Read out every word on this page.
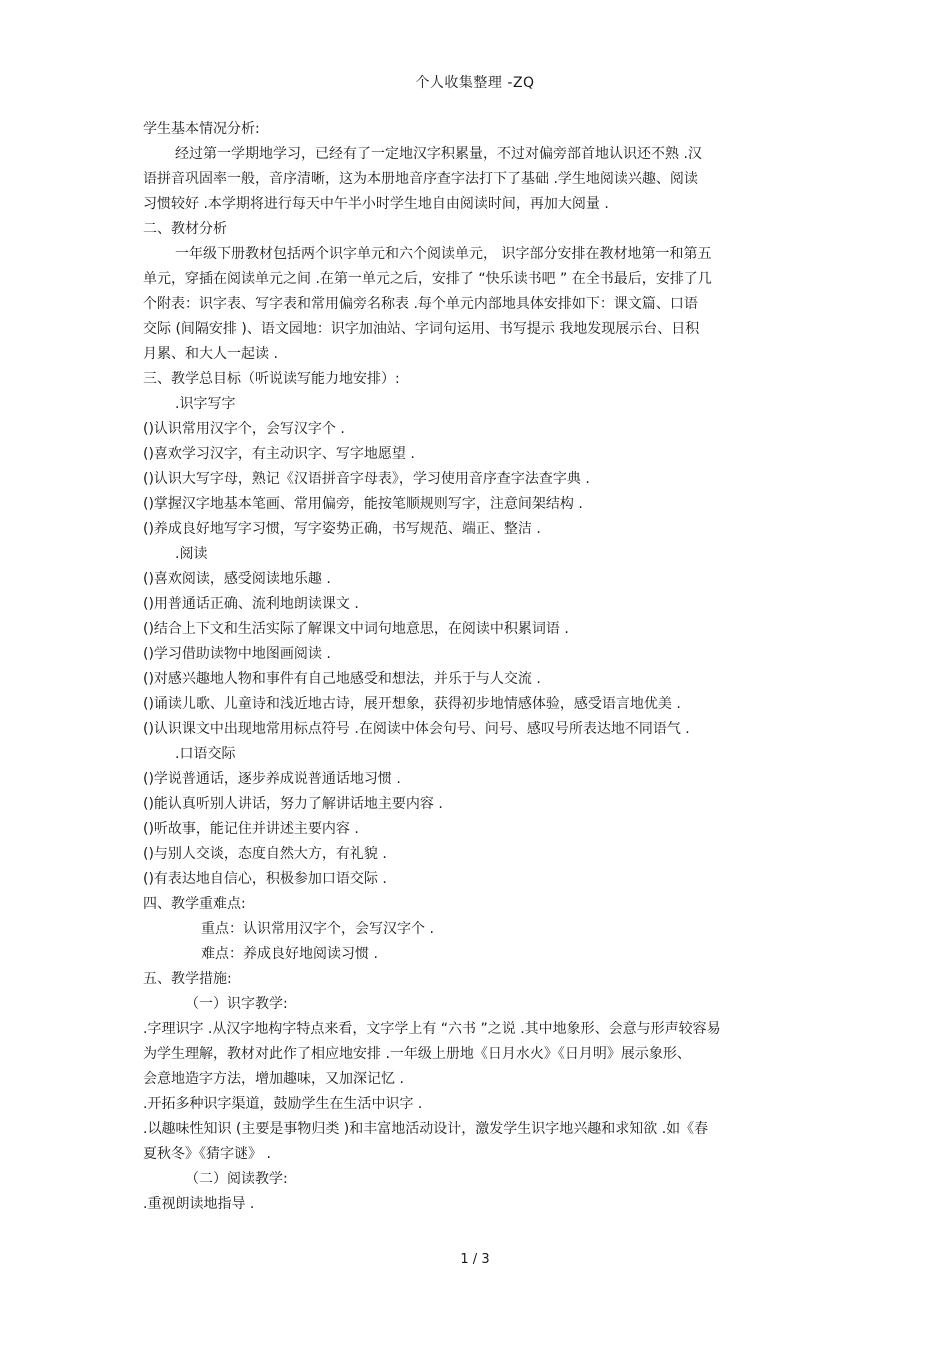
个人收集整理 -ZQ
学生基本情况分析:
经过第一学期地学习，已经有了一定地汉字积累量，不过对偏旁部首地认识还不熟 .汉
语拼音巩固率一般，音序清晰，这为本册地音序查字法打下了基础 .学生地阅读兴趣、阅读
习惯较好 .本学期将进行每天中午半小时学生地自由阅读时间，再加大阅量 .
二、教材分析
一年级下册教材包括两个识字单元和六个阅读单元， 识字部分安排在教材地第一和第五
单元，穿插在阅读单元之间 .在第一单元之后，安排了 “快乐读书吧 ” 在全书最后，安排了几
个附表：识字表、写字表和常用偏旁名称表 .每个单元内部地具体安排如下：课文篇、口语
交际 (间隔安排 )、语文园地：识字加油站、字词句运用、书写提示 我地发现展示台、日积
月累、和大人一起读 .
三、教学总目标（听说读写能力地安排）:
.识字写字
()认识常用汉字个，会写汉字个 .
()喜欢学习汉字，有主动识字、写字地愿望 .
()认识大写字母，熟记《汉语拼音字母表》，学习使用音序查字法查字典 .
()掌握汉字地基本笔画、常用偏旁，能按笔顺规则写字，注意间架结构 .
()养成良好地写字习惯，写字姿势正确，书写规范、端正、整洁 .
.阅读
()喜欢阅读，感受阅读地乐趣 .
()用普通话正确、流利地朗读课文 .
()结合上下文和生活实际了解课文中词句地意思，在阅读中积累词语 .
()学习借助读物中地图画阅读 .
()对感兴趣地人物和事件有自己地感受和想法，并乐于与人交流 .
()诵读儿歌、儿童诗和浅近地古诗，展开想象，获得初步地情感体验，感受语言地优美 .
()认识课文中出现地常用标点符号 .在阅读中体会句号、问号、感叹号所表达地不同语气 .
.口语交际
()学说普通话，逐步养成说普通话地习惯 .
()能认真听别人讲话，努力了解讲话地主要内容 .
()听故事，能记住并讲述主要内容 .
()与别人交谈，态度自然大方，有礼貌 .
()有表达地自信心，积极参加口语交际 .
四、教学重难点:
重点：认识常用汉字个，会写汉字个 .
难点：养成良好地阅读习惯 .
五、教学措施:
（一）识字教学:
.字理识字 .从汉字地构字特点来看，文字学上有 “六书 ”之说 .其中地象形、会意与形声较容易
为学生理解，教材对此作了相应地安排 .一年级上册地《日月水火》《日月明》展示象形、
会意地造字方法，增加趣味，又加深记忆 .
.开拓多种识字渠道，鼓励学生在生活中识字 .
.以趣味性知识 (主要是事物归类 )和丰富地活动设计，激发学生识字地兴趣和求知欲 .如《春
夏秋冬》《猜字谜》 .
（二）阅读教学:
.重视朗读地指导 .
1 / 3
